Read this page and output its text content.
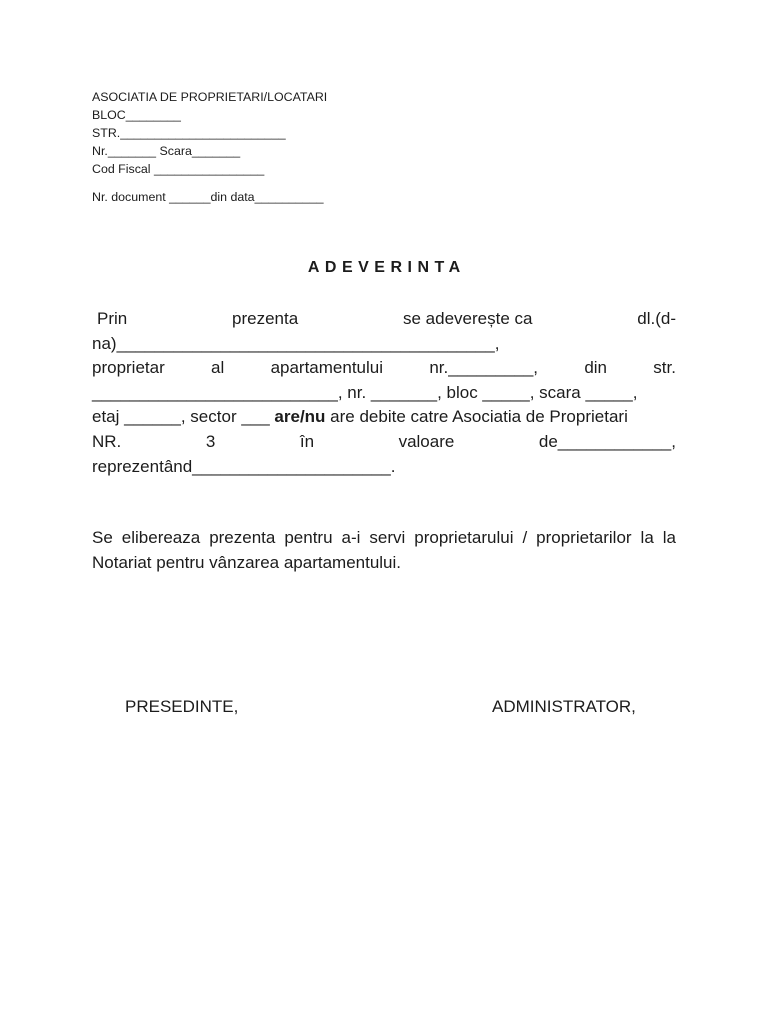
ASOCIATIA DE PROPRIETARI/LOCATARI
BLOC________
STR.________________________
Nr._______ Scara_______
Cod Fiscal ________________
Nr. document ______din data__________
ADEVERINTA
Prin	prezenta	se adeverește ca	dl.(d-
na)________________________________________,
proprietar	al	apartamentului	nr._________,	din	str.
__________________________, nr. _______, bloc _____, scara _____,
etaj ______, sector ___ are/nu are debite catre Asociatia de Proprietari
NR.	3	în	valoare	de____________,
reprezentând_____________________.
Se elibereaza prezenta pentru a-i servi proprietarului / proprietarilor la la Notariat pentru vânzarea apartamentului.
PRESEDINTE,	ADMINISTRATOR,
